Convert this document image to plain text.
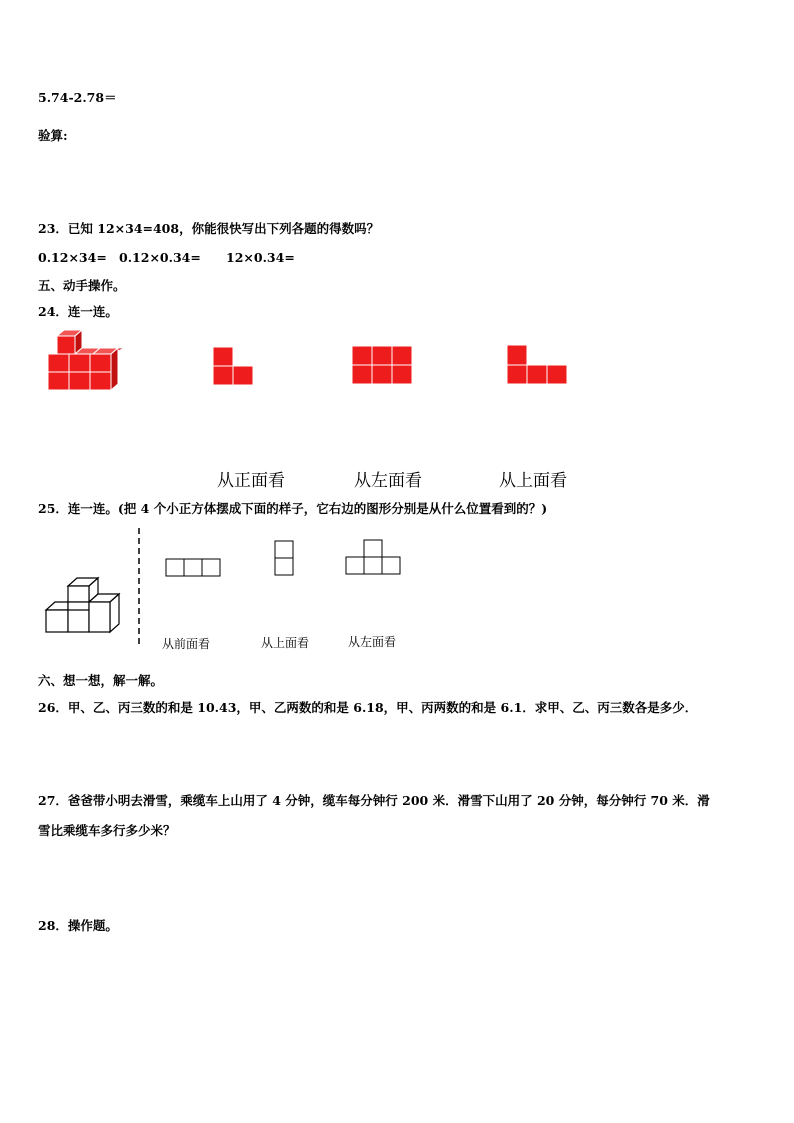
5.74-2.78＝
验算:
23．已知 12×34=408，你能很快写出下列各题的得数吗？
0.12×34= 0.12×0.34= 12×0.34=
五、动手操作。
24．连一连。
从正面看	从左面看	从上面看
25．连一连。(把 4 个小正方体摆成下面的样子，它右边的图形分别是从什么位置看到的？)
从前面看	从上面看	从左面看
六、想一想，解一解。
26．甲、乙、丙三数的和是 10.43，甲、乙两数的和是 6.18，甲、丙两数的和是 6.1．求甲、乙、丙三数各是多少．
27．爸爸带小明去滑雪，乘缆车上山用了 4 分钟，缆车每分钟行 200 米．滑雪下山用了 20 分钟，每分钟行 70 米．滑
雪比乘缆车多行多少米？
28．操作题。
